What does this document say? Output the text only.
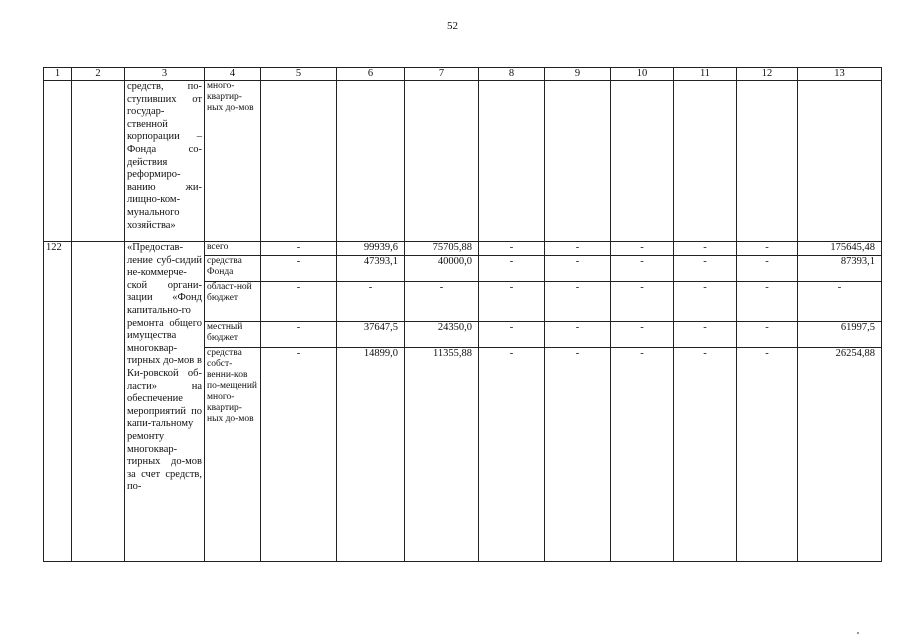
52
1	2	3	4	5	6	7	8	9	10	11	12	13
		средств, по-ступивших от государ-ственной корпорации – Фонда со-действия реформиро-ванию жи-лищно-ком-мунального хозяйства»	много-квартир-ных до-мов									
122		«Предостав-ление суб-сидий не-коммерче-ской органи-зации «Фонд капитально-го ремонта общего имущества многоквар-тирных до-мов в Ки-ровской об-ласти» на обеспечение мероприятий по капи-тальному ремонту многоквар-тирных до-мов за счет средств, по-	всего	-	99939,6	75705,88	-	-	-	-	-	175645,48
			средства Фонда	-	47393,1	40000,0	-	-	-	-	-	87393,1
			област-ной бюджет	-	-	-	-	-	-	-	-	-
			местный бюджет	-	37647,5	24350,0	-	-	-	-	-	61997,5
			средства собст-венни-ков по-мещений много-квартир-ных до-мов	-	14899,0	11355,88	-	-	-	-	-	26254,88
